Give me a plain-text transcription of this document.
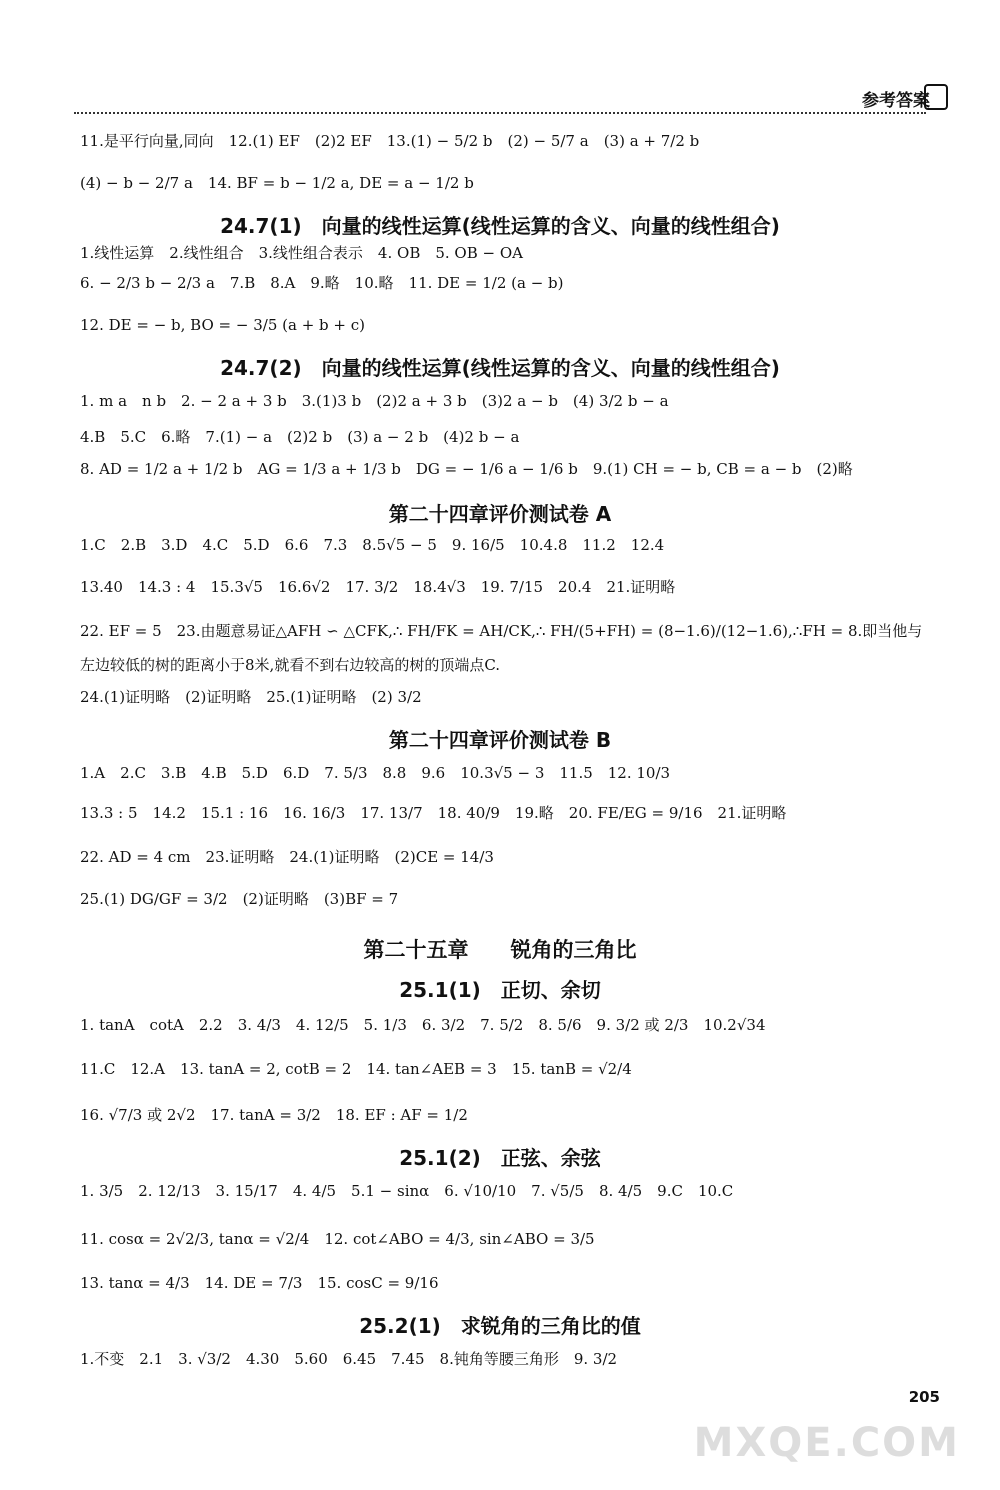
参考答案
11.是平行向量,同向　12.(1) EF　(2)2 EF　13.(1) − 5/2 b　(2) − 5/7 a　(3) a + 7/2 b
(4) − b − 2/7 a　14. BF = b − 1/2 a, DE = a − 1/2 b
24.7(1)　向量的线性运算(线性运算的含义、向量的线性组合)
1.线性运算　2.线性组合　3.线性组合表示　4. OB　5. OB − OA
6. − 2/3 b − 2/3 a　7.B　8.A　9.略　10.略　11. DE = 1/2 (a − b)
12. DE = − b, BO = − 3/5 (a + b + c)
24.7(2)　向量的线性运算(线性运算的含义、向量的线性组合)
1. m a　n b　2. − 2 a + 3 b　3.(1)3 b　(2)2 a + 3 b　(3)2 a − b　(4) 3/2 b − a
4.B　5.C　6.略　7.(1) − a　(2)2 b　(3) a − 2 b　(4)2 b − a
8. AD = 1/2 a + 1/2 b　AG = 1/3 a + 1/3 b　DG = − 1/6 a − 1/6 b　9.(1) CH = − b, CB = a − b　(2)略
第二十四章评价测试卷 A
1.C　2.B　3.D　4.C　5.D　6.6　7.3　8.5√5 − 5　9. 16/5　10.4.8　11.2　12.4
13.40　14.3 : 4　15.3√5　16.6√2　17. 3/2　18.4√3　19. 7/15　20.4　21.证明略
22. EF = 5　23.由题意易证△AFH ∽ △CFK,∴ FH/FK = AH/CK,∴ FH/(5+FH) = (8−1.6)/(12−1.6),∴FH = 8.即当他与
左边较低的树的距离小于8米,就看不到右边较高的树的顶端点C.
24.(1)证明略　(2)证明略　25.(1)证明略　(2) 3/2
第二十四章评价测试卷 B
1.A　2.C　3.B　4.B　5.D　6.D　7. 5/3　8.8　9.6　10.3√5 − 3　11.5　12. 10/3
13.3 : 5　14.2　15.1 : 16　16. 16/3　17. 13/7　18. 40/9　19.略　20. FE/EG = 9/16　21.证明略
22. AD = 4 cm　23.证明略　24.(1)证明略　(2)CE = 14/3
25.(1) DG/GF = 3/2　(2)证明略　(3)BF = 7
第二十五章　　锐角的三角比
25.1(1)　正切、余切
1. tanA　cotA　2.2　3. 4/3　4. 12/5　5. 1/3　6. 3/2　7. 5/2　8. 5/6　9. 3/2 或 2/3　10.2√34
11.C　12.A　13. tanA = 2, cotB = 2　14. tan∠AEB = 3　15. tanB = √2/4
16. √7/3 或 2√2　17. tanA = 3/2　18. EF : AF = 1/2
25.1(2)　正弦、余弦
1. 3/5　2. 12/13　3. 15/17　4. 4/5　5.1 − sinα　6. √10/10　7. √5/5　8. 4/5　9.C　10.C
11. cosα = 2√2/3, tanα = √2/4　12. cot∠ABO = 4/3, sin∠ABO = 3/5
13. tanα = 4/3　14. DE = 7/3　15. cosC = 9/16
25.2(1)　求锐角的三角比的值
1.不变　2.1　3. √3/2　4.30　5.60　6.45　7.45　8.钝角等腰三角形　9. 3/2
205
MXQE.COM
